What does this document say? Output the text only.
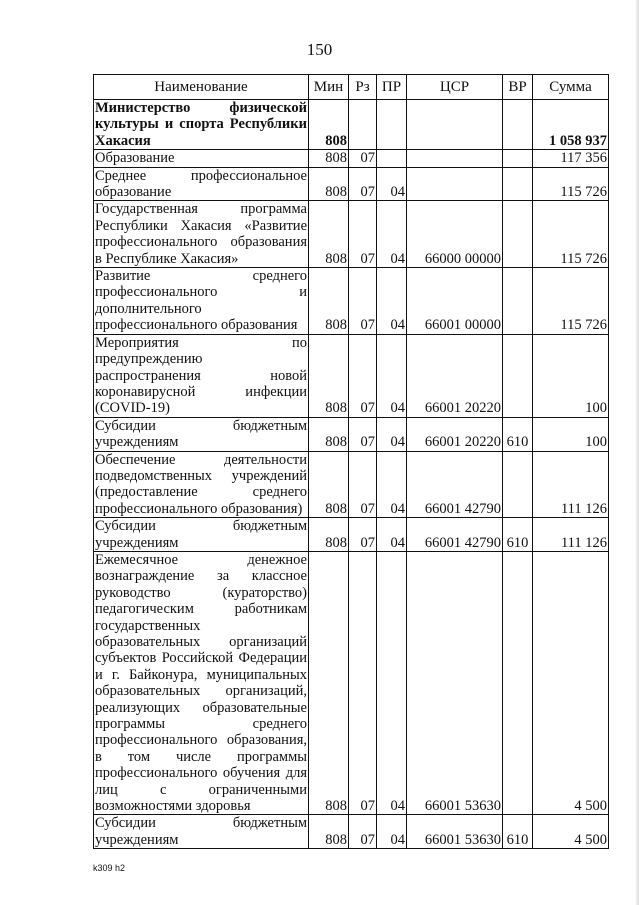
150
Наименование	Мин	Рз	ПР	ЦСР	ВР	Сумма
Министерство физической культуры и спорта Республики Хакасия	808					1 058 937
Образование	808	07				117 356
Среднее профессиональное образование	808	07	04			115 726
Государственная программа Республики Хакасия «Развитие профессионального образования в Республике Хакасия»	808	07	04	66000 00000		115 726
Развитие среднего профессионального и дополнительного профессионального образования	808	07	04	66001 00000		115 726
Мероприятия по предупреждению распространения новой коронавирусной инфекции (COVID-19)	808	07	04	66001 20220		100
Субсидии бюджетным учреждениям	808	07	04	66001 20220	610	100
Обеспечение деятельности подведомственных учреждений (предоставление среднего профессионального образования)	808	07	04	66001 42790		111 126
Субсидии бюджетным учреждениям	808	07	04	66001 42790	610	111 126
Ежемесячное денежное вознаграждение за классное руководство (кураторство) педагогическим работникам государственных образовательных организаций субъектов Российской Федерации и г. Байконура, муниципальных образовательных организаций, реализующих образовательные программы среднего профессионального образования, в том числе программы профессионального обучения для лиц с ограниченными возможностями здоровья	808	07	04	66001 53630		4 500
Субсидии бюджетным учреждениям	808	07	04	66001 53630	610	4 500
k309 h2
